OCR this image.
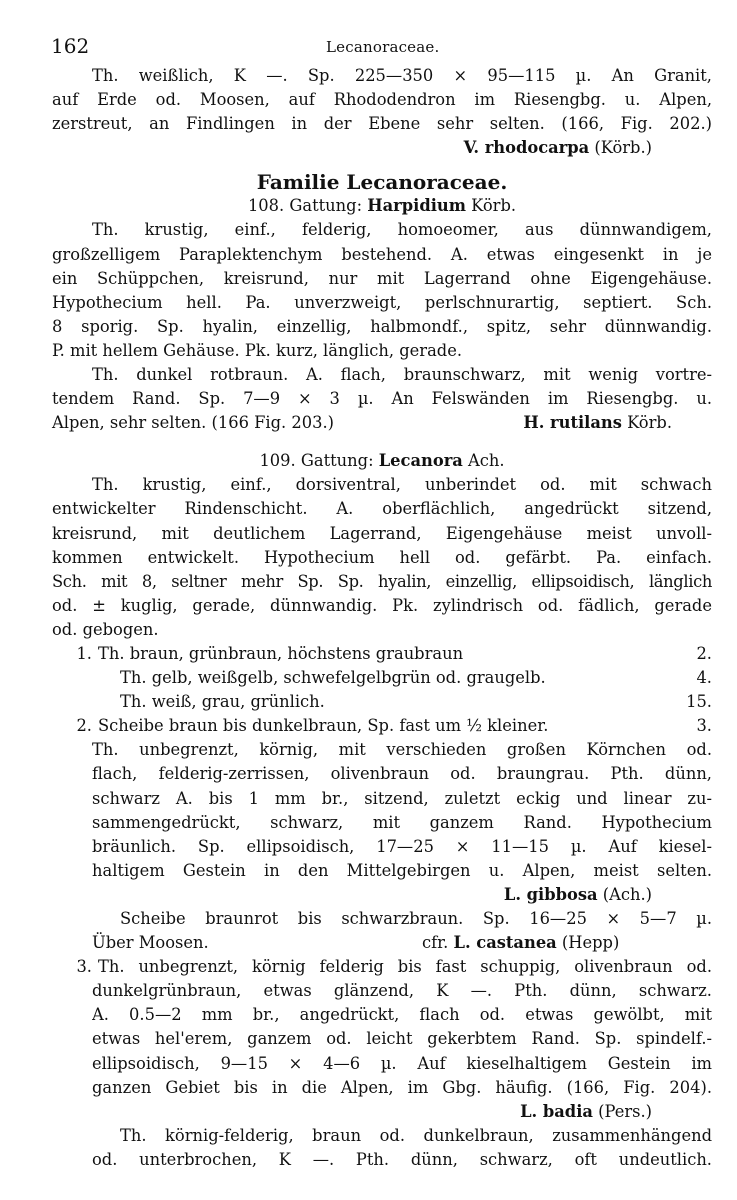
162	Lecanoraceae.
Th. weißlich, K —. Sp. 225—350 × 95—115 µ. An Granit,
auf Erde od. Moosen, auf Rhododendron im Riesengbg. u. Alpen,
zerstreut, an Findlingen in der Ebene sehr selten. (166, Fig. 202.)
V. rhodocarpa (Körb.)
Familie Lecanoraceae.
108. Gattung: Harpidium Körb.
Th. krustig, einf., felderig, homoeomer, aus dünnwandigem,
großzelligem Paraplektenchym bestehend. A. etwas eingesenkt in je
ein Schüppchen, kreisrund, nur mit Lagerrand ohne Eigengehäuse.
Hypothecium hell. Pa. unverzweigt, perlschnurartig, septiert. Sch.
8 sporig. Sp. hyalin, einzellig, halbmondf., spitz, sehr dünnwandig.
P. mit hellem Gehäuse. Pk. kurz, länglich, gerade.
Th. dunkel rotbraun. A. flach, braunschwarz, mit wenig vortre-
tendem Rand. Sp. 7—9 × 3 µ. An Felswänden im Riesengbg. u.
Alpen, sehr selten. (166 Fig. 203.)	H. rutilans Körb.
109. Gattung: Lecanora Ach.
Th. krustig, einf., dorsiventral, unberindet od. mit schwach
entwickelter Rindenschicht. A. oberflächlich, angedrückt sitzend,
kreisrund, mit deutlichem Lagerrand, Eigengehäuse meist unvoll-
kommen entwickelt. Hypothecium hell od. gefärbt. Pa. einfach.
Sch. mit 8, seltner mehr Sp. Sp. hyalin, einzellig, ellipsoidisch, länglich
od. ± kuglig, gerade, dünnwandig. Pk. zylindrisch od. fädlich, gerade
od. gebogen.
1. Th. braun, grünbraun, höchstens graubraun	2.
Th. gelb, weißgelb, schwefelgelbgrün od. graugelb.	4.
Th. weiß, grau, grünlich.	15.
2. Scheibe braun bis dunkelbraun, Sp. fast um ½ kleiner.	3.
Th. unbegrenzt, körnig, mit verschieden großen Körnchen od.
flach, felderig-zerrissen, olivenbraun od. braungrau. Pth. dünn,
schwarz A. bis 1 mm br., sitzend, zuletzt eckig und linear zu-
sammengedrückt, schwarz, mit ganzem Rand. Hypothecium
bräunlich. Sp. ellipsoidisch, 17—25 × 11—15 µ. Auf kiesel-
haltigem Gestein in den Mittelgebirgen u. Alpen, meist selten.
L. gibbosa (Ach.)
Scheibe braunrot bis schwarzbraun. Sp. 16—25 × 5—7 µ.
Über Moosen.	cfr. L. castanea (Hepp)
3. Th. unbegrenzt, körnig felderig bis fast schuppig, olivenbraun od.
dunkelgrünbraun, etwas glänzend, K —. Pth. dünn, schwarz.
A. 0.5—2 mm br., angedrückt, flach od. etwas gewölbt, mit
etwas hel'erem, ganzem od. leicht gekerbtem Rand. Sp. spindelf.-
ellipsoidisch, 9—15 × 4—6 µ. Auf kieselhaltigem Gestein im
ganzen Gebiet bis in die Alpen, im Gbg. häufig. (166, Fig. 204).
L. badia (Pers.)
Th. körnig-felderig, braun od. dunkelbraun, zusammenhängend
od. unterbrochen, K —. Pth. dünn, schwarz, oft undeutlich.
